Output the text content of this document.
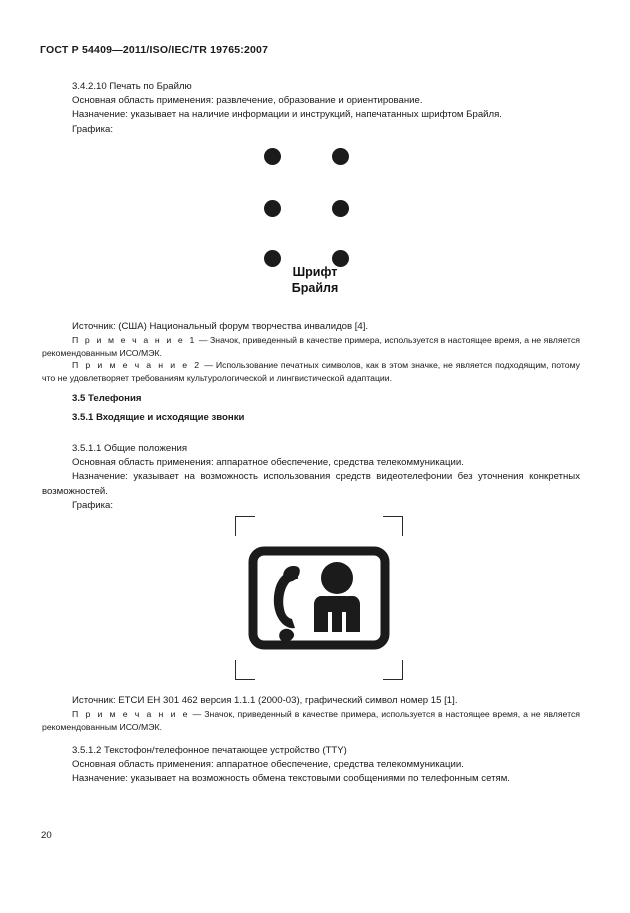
ГОСТ Р 54409—2011/ISO/IEC/TR 19765:2007
3.4.2.10 Печать по Брайлю
Основная область применения: развлечение, образование и ориентирование.
Назначение: указывает на наличие информации и инструкций, напечатанных шрифтом Брайля.
Графика:
Шрифт
Брайля
Источник: (США) Национальный форум творчества инвалидов [4].

П р и м е ч а н и е 1 — Значок, приведенный в качестве примера, используется в настоящее время, а не является рекомендованным ИСО/МЭК.

П р и м е ч а н и е 2 — Использование печатных символов, как в этом значке, не является подходящим, потому что не удовлетворяет требованиям культурологической и лингвистической адаптации.

3.5 Телефония
3.5.1 Входящие и исходящие звонки
3.5.1.1 Общие положения
Основная область применения: аппаратное обеспечение, средства телекоммуникации.

Назначение: указывает на возможность использования средств видеотелефонии без уточнения конкретных возможностей.

Графика:
Источник: ЕТСИ ЕН 301 462 версия 1.1.1 (2000-03), графический символ номер 15 [1].

П р и м е ч а н и е — Значок, приведенный в качестве примера, используется в настоящее время, а не является рекомендованным ИСО/МЭК.

3.5.1.2 Текстофон/телефонное печатающее устройство (TTY)
Основная область применения: аппаратное обеспечение, средства телекоммуникации.
Назначение: указывает на возможность обмена текстовыми сообщениями по телефонным сетям.
20
